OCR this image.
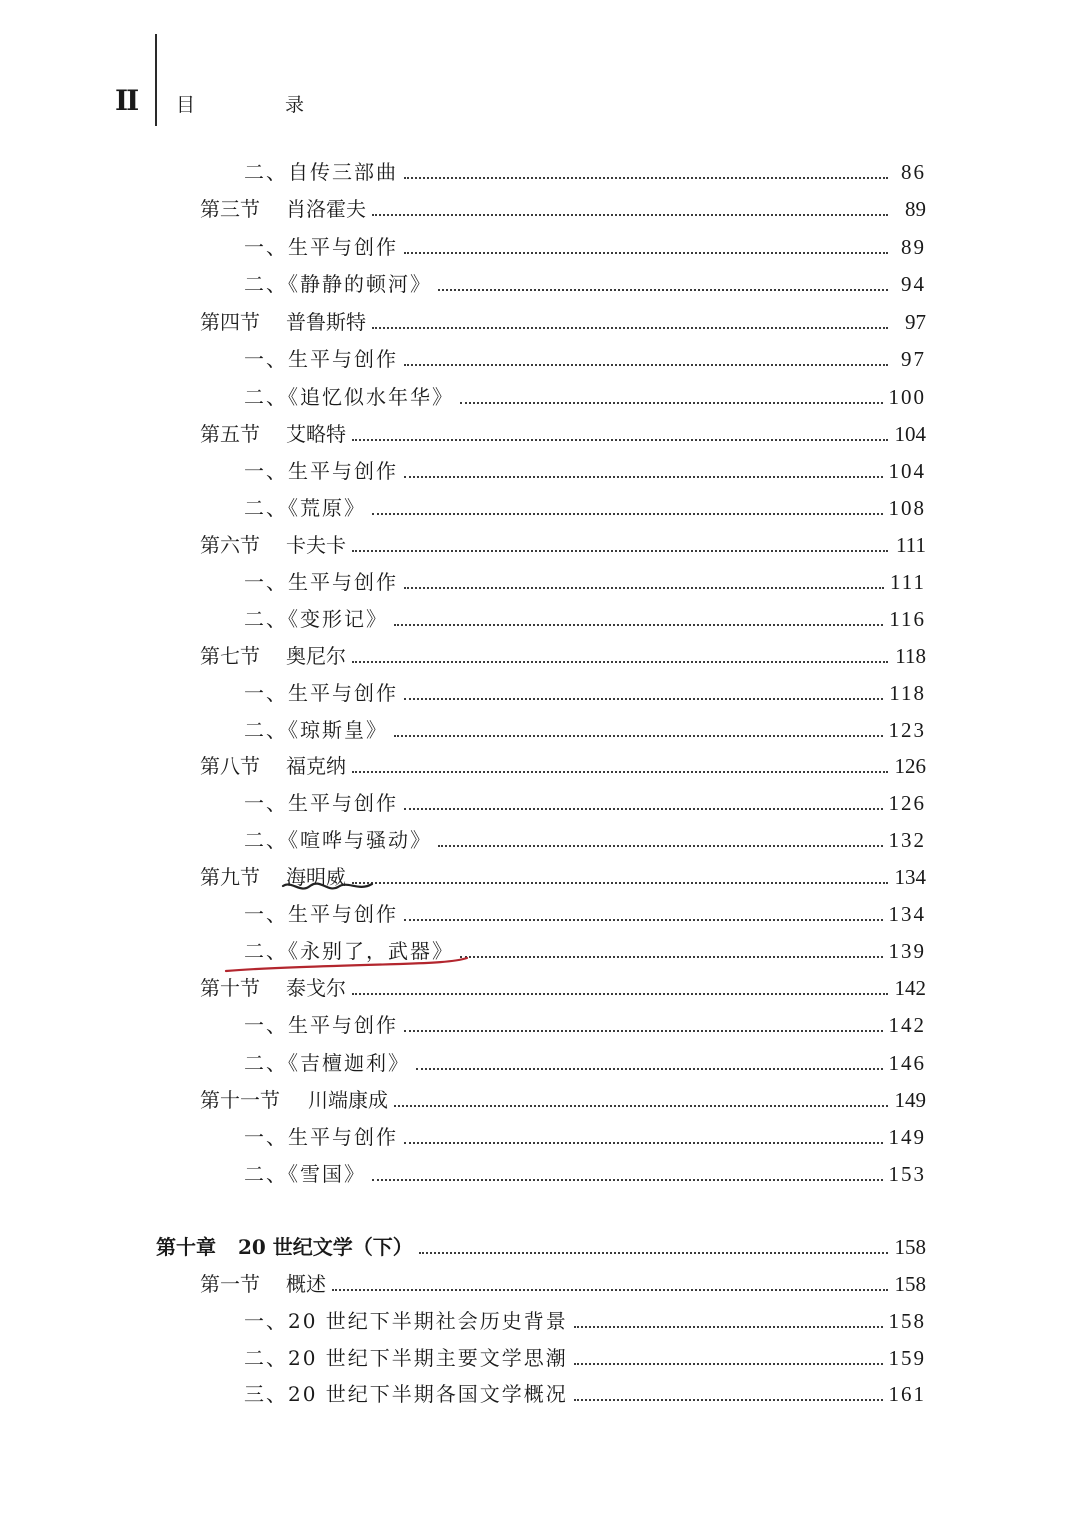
II 目 录
二、自传三部曲	86
第三节	肖洛霍夫	89
一、生平与创作	89
二、《静静的顿河》	94
第四节	普鲁斯特	97
一、生平与创作	97
二、《追忆似水年华》	100
第五节	艾略特	104
一、生平与创作	104
二、《荒原》	108
第六节	卡夫卡	111
一、生平与创作	111
二、《变形记》	116
第七节	奥尼尔	118
一、生平与创作	118
二、《琼斯皇》	123
第八节	福克纳	126
一、生平与创作	126
二、《喧哗与骚动》	132
第九节	海明威	134
一、生平与创作	134
二、《永别了，武器》	139
第十节	泰戈尔	142
一、生平与创作	142
二、《吉檀迦利》	146
第十一节	川端康成	149
一、生平与创作	149
二、《雪国》	153
第十章 20 世纪文学（下）	158
第一节	概述	158
一、20 世纪下半期社会历史背景	158
二、20 世纪下半期主要文学思潮	159
三、20 世纪下半期各国文学概况	161
